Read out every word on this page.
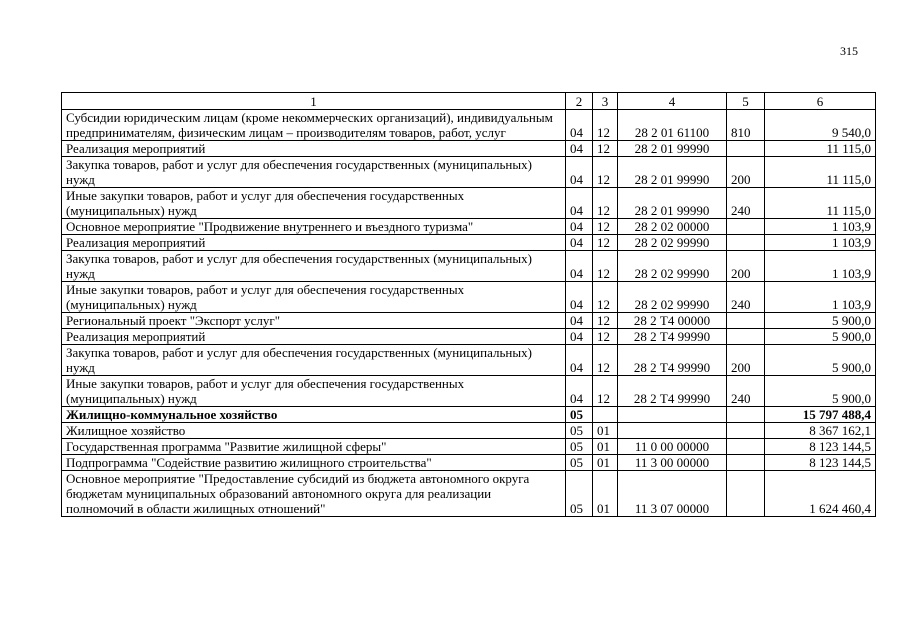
315
1	2	3	4	5	6
Субсидии юридическим лицам (кроме некоммерческих организаций), индивидуальным предпринимателям, физическим лицам – производителям товаров, работ, услуг	04	12	28 2 01 61100	810	9 540,0
Реализация мероприятий	04	12	28 2 01 99990		11 115,0
Закупка товаров, работ и услуг для обеспечения государственных (муниципальных) нужд	04	12	28 2 01 99990	200	11 115,0
Иные закупки товаров, работ и услуг для обеспечения государственных (муниципальных) нужд	04	12	28 2 01 99990	240	11 115,0
Основное мероприятие "Продвижение внутреннего и въездного туризма"	04	12	28 2 02 00000		1 103,9
Реализация мероприятий	04	12	28 2 02 99990		1 103,9
Закупка товаров, работ и услуг для обеспечения государственных (муниципальных) нужд	04	12	28 2 02 99990	200	1 103,9
Иные закупки товаров, работ и услуг для обеспечения государственных (муниципальных) нужд	04	12	28 2 02 99990	240	1 103,9
Региональный проект "Экспорт услуг"	04	12	28 2 Т4 00000		5 900,0
Реализация мероприятий	04	12	28 2 Т4 99990		5 900,0
Закупка товаров, работ и услуг для обеспечения государственных (муниципальных) нужд	04	12	28 2 Т4 99990	200	5 900,0
Иные закупки товаров, работ и услуг для обеспечения государственных (муниципальных) нужд	04	12	28 2 Т4 99990	240	5 900,0
Жилищно-коммунальное хозяйство	05				15 797 488,4
Жилищное хозяйство	05	01			8 367 162,1
Государственная программа "Развитие жилищной сферы"	05	01	11 0 00 00000		8 123 144,5
Подпрограмма "Содействие развитию жилищного строительства"	05	01	11 3 00 00000		8 123 144,5
Основное мероприятие "Предоставление субсидий из бюджета автономного округа бюджетам муниципальных образований автономного округа для реализации полномочий в области жилищных отношений"	05	01	11 3 07 00000		1 624 460,4
